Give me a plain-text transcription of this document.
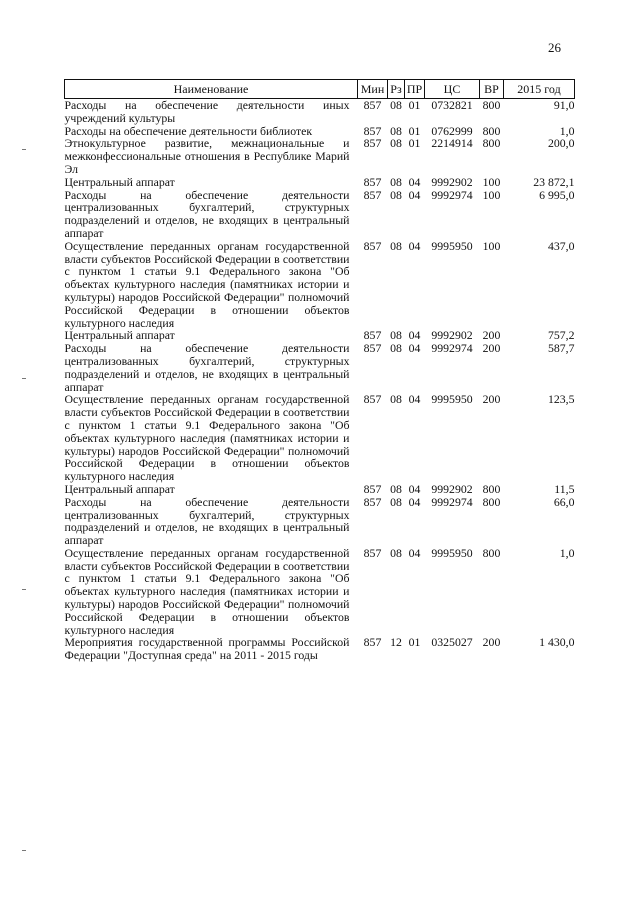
26
Наименование	Мин	Рз	ПР	ЦС	ВР	2015 год
Расходы на обеспечение деятельности иных учреждений культуры	857	08	01	0732821	800	91,0
Расходы на обеспечение деятельности библиотек	857	08	01	0762999	800	1,0
Этнокультурное развитие, межнациональные и межконфессиональные отношения в Республике Марий Эл	857	08	01	2214914	800	200,0
Центральный аппарат	857	08	04	9992902	100	23 872,1
Расходы на обеспечение деятельности централизованных бухгалтерий, структурных подразделений и отделов, не входящих в центральный аппарат	857	08	04	9992974	100	6 995,0
Осуществление переданных органам государственной власти субъектов Российской Федерации в соответствии с пунктом 1 статьи 9.1 Федерального закона "Об объектах культурного наследия (памятниках истории и культуры) народов Российской Федерации" полномочий Российской Федерации в отношении объектов культурного наследия	857	08	04	9995950	100	437,0
Центральный аппарат	857	08	04	9992902	200	757,2
Расходы на обеспечение деятельности централизованных бухгалтерий, структурных подразделений и отделов, не входящих в центральный аппарат	857	08	04	9992974	200	587,7
Осуществление переданных органам государственной власти субъектов Российской Федерации в соответствии с пунктом 1 статьи 9.1 Федерального закона "Об объектах культурного наследия (памятниках истории и культуры) народов Российской Федерации" полномочий Российской Федерации в отношении объектов культурного наследия	857	08	04	9995950	200	123,5
Центральный аппарат	857	08	04	9992902	800	11,5
Расходы на обеспечение деятельности централизованных бухгалтерий, структурных подразделений и отделов, не входящих в центральный аппарат	857	08	04	9992974	800	66,0
Осуществление переданных органам государственной власти субъектов Российской Федерации в соответствии с пунктом 1 статьи 9.1 Федерального закона "Об объектах культурного наследия (памятниках истории и культуры) народов Российской Федерации" полномочий Российской Федерации в отношении объектов культурного наследия	857	08	04	9995950	800	1,0
Мероприятия государственной программы Российской Федерации "Доступная среда" на 2011 - 2015 годы	857	12	01	0325027	200	1 430,0
